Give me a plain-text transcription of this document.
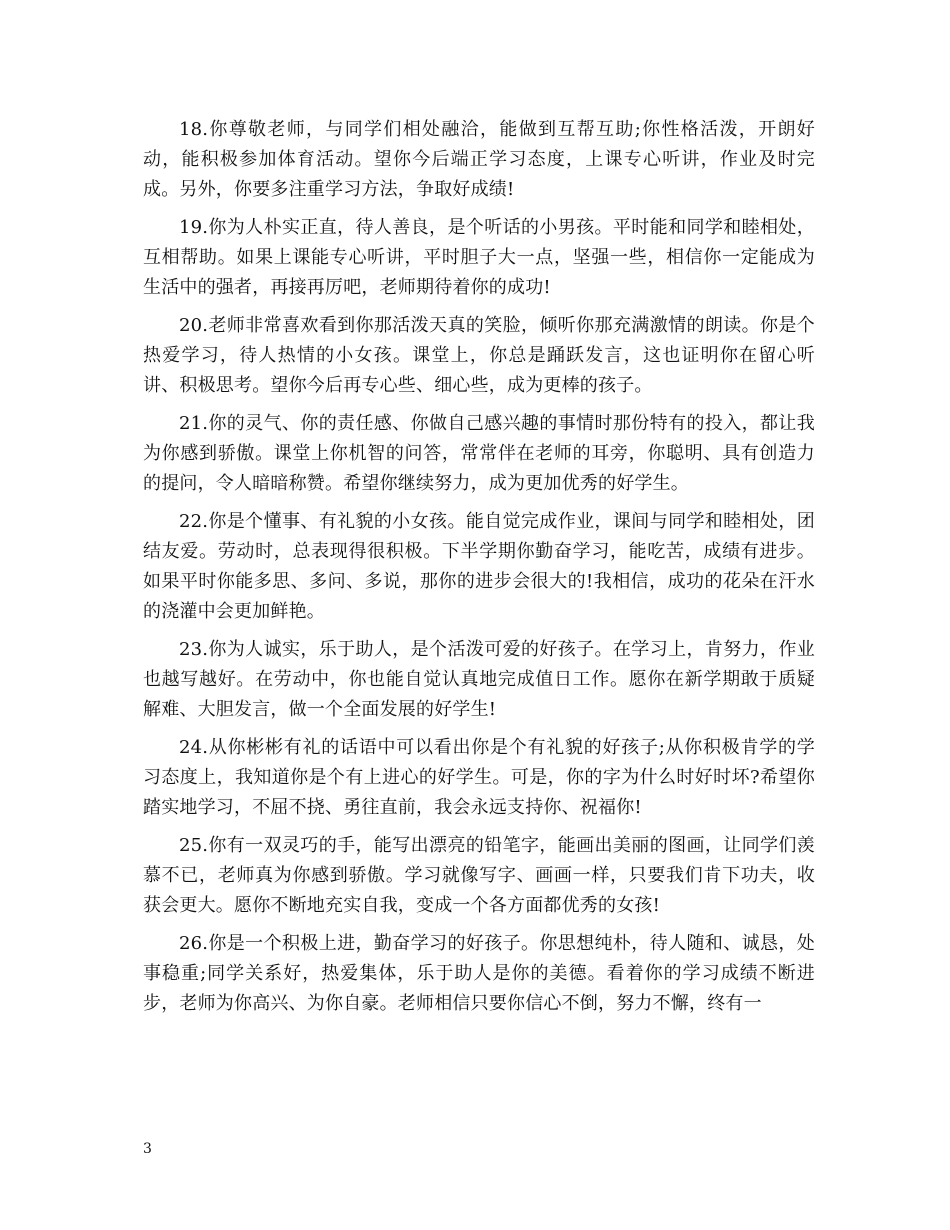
18.你尊敬老师，与同学们相处融洽，能做到互帮互助;你性格活泼，开朗好动，能积极参加体育活动。望你今后端正学习态度，上课专心听讲，作业及时完成。另外，你要多注重学习方法，争取好成绩!

19.你为人朴实正直，待人善良，是个听话的小男孩。平时能和同学和睦相处，互相帮助。如果上课能专心听讲，平时胆子大一点，坚强一些，相信你一定能成为生活中的强者，再接再厉吧，老师期待着你的成功!

20.老师非常喜欢看到你那活泼天真的笑脸，倾听你那充满激情的朗读。你是个热爱学习，待人热情的小女孩。课堂上，你总是踊跃发言，这也证明你在留心听讲、积极思考。望你今后再专心些、细心些，成为更棒的孩子。

21.你的灵气、你的责任感、你做自己感兴趣的事情时那份特有的投入，都让我为你感到骄傲。课堂上你机智的问答，常常伴在老师的耳旁，你聪明、具有创造力的提问，令人暗暗称赞。希望你继续努力，成为更加优秀的好学生。

22.你是个懂事、有礼貌的小女孩。能自觉完成作业，课间与同学和睦相处，团结友爱。劳动时，总表现得很积极。下半学期你勤奋学习，能吃苦，成绩有进步。如果平时你能多思、多问、多说，那你的进步会很大的!我相信，成功的花朵在汗水的浇灌中会更加鲜艳。

23.你为人诚实，乐于助人，是个活泼可爱的好孩子。在学习上，肯努力，作业也越写越好。在劳动中，你也能自觉认真地完成值日工作。愿你在新学期敢于质疑解难、大胆发言，做一个全面发展的好学生!

24.从你彬彬有礼的话语中可以看出你是个有礼貌的好孩子;从你积极肯学的学习态度上，我知道你是个有上进心的好学生。可是，你的字为什么时好时坏?希望你踏实地学习，不屈不挠、勇往直前，我会永远支持你、祝福你!

25.你有一双灵巧的手，能写出漂亮的铅笔字，能画出美丽的图画，让同学们羡慕不已，老师真为你感到骄傲。学习就像写字、画画一样，只要我们肯下功夫，收获会更大。愿你不断地充实自我，变成一个各方面都优秀的女孩!

26.你是一个积极上进，勤奋学习的好孩子。你思想纯朴，待人随和、诚恳，处事稳重;同学关系好，热爱集体，乐于助人是你的美德。看着你的学习成绩不断进步，老师为你高兴、为你自豪。老师相信只要你信心不倒，努力不懈，终有一

3
